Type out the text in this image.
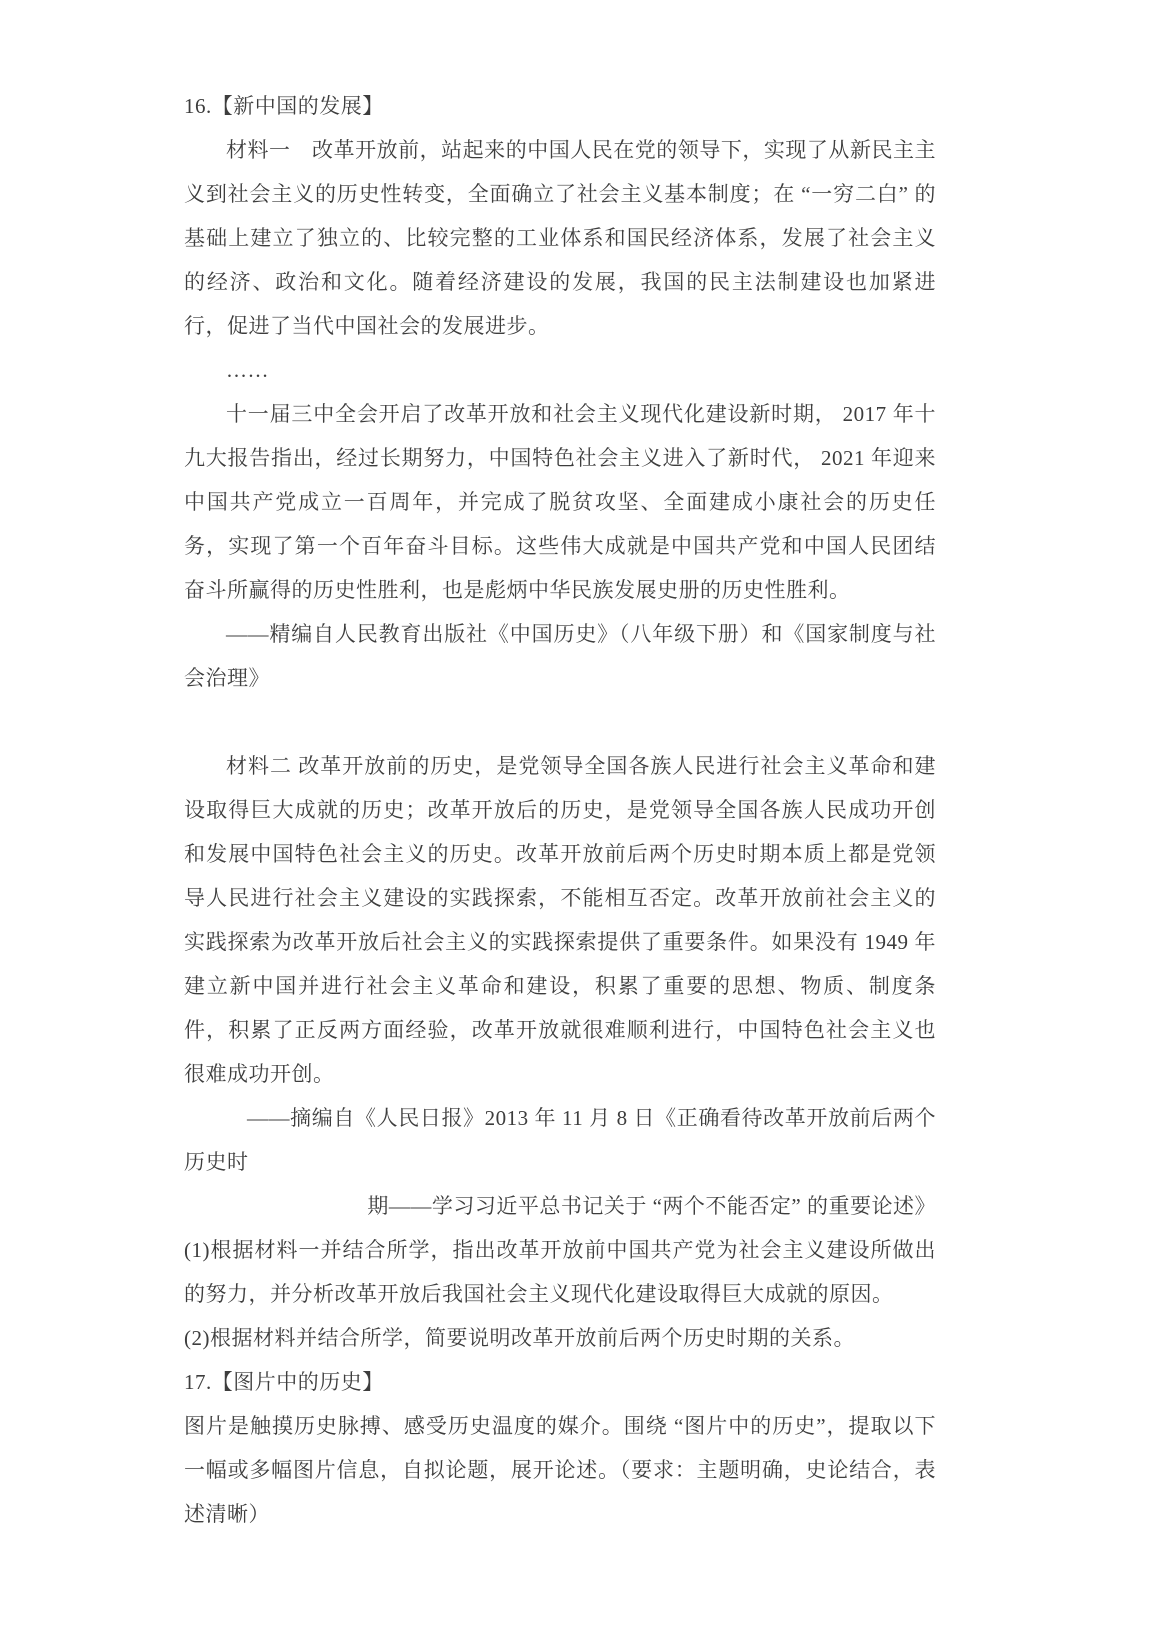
16.【新中国的发展】

材料一　改革开放前，站起来的中国人民在党的领导下，实现了从新民主主义到社会主义的历史性转变，全面确立了社会主义基本制度；在 “一穷二白” 的基础上建立了独立的、比较完整的工业体系和国民经济体系，发展了社会主义的经济、政治和文化。随着经济建设的发展，我国的民主法制建设也加紧进行，促进了当代中国社会的发展进步。

……

十一届三中全会开启了改革开放和社会主义现代化建设新时期， 2017 年十九大报告指出，经过长期努力，中国特色社会主义进入了新时代， 2021 年迎来中国共产党成立一百周年，并完成了脱贫攻坚、全面建成小康社会的历史任务，实现了第一个百年奋斗目标。这些伟大成就是中国共产党和中国人民团结奋斗所赢得的历史性胜利，也是彪炳中华民族发展史册的历史性胜利。

——精编自人民教育出版社《中国历史》（八年级下册）和《国家制度与社会治理》

材料二 改革开放前的历史，是党领导全国各族人民进行社会主义革命和建设取得巨大成就的历史；改革开放后的历史，是党领导全国各族人民成功开创和发展中国特色社会主义的历史。改革开放前后两个历史时期本质上都是党领导人民进行社会主义建设的实践探索，不能相互否定。改革开放前社会主义的实践探索为改革开放后社会主义的实践探索提供了重要条件。如果没有 1949 年建立新中国并进行社会主义革命和建设，积累了重要的思想、物质、制度条件，积累了正反两方面经验，改革开放就很难顺利进行，中国特色社会主义也很难成功开创。

——摘编自《人民日报》2013 年 11 月 8 日《正确看待改革开放前后两个历史时

期——学习习近平总书记关于 “两个不能否定” 的重要论述》

(1)根据材料一并结合所学，指出改革开放前中国共产党为社会主义建设所做出的努力，并分析改革开放后我国社会主义现代化建设取得巨大成就的原因。

(2)根据材料并结合所学，简要说明改革开放前后两个历史时期的关系。

17.【图片中的历史】

图片是触摸历史脉搏、感受历史温度的媒介。围绕 “图片中的历史”，提取以下一幅或多幅图片信息，自拟论题，展开论述。（要求：主题明确，史论结合，表述清晰）
